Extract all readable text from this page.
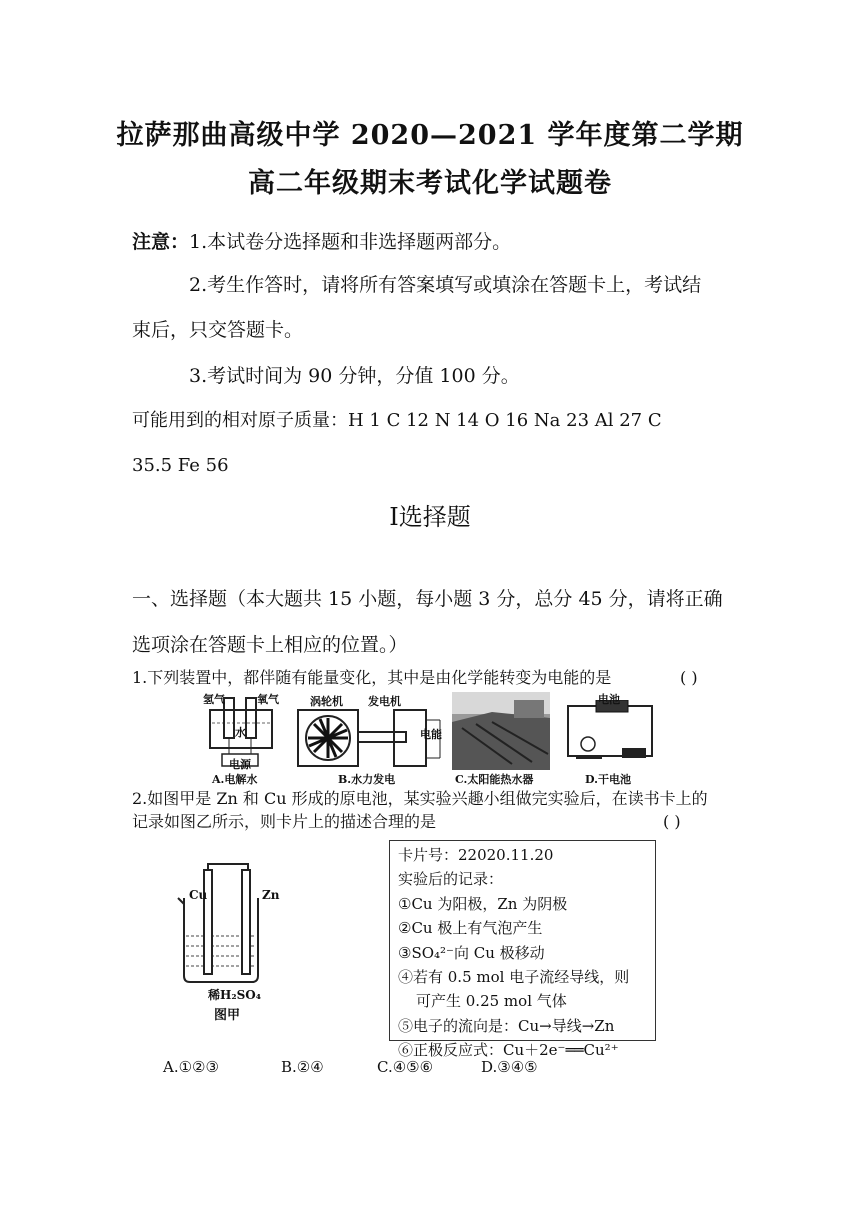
拉萨那曲高级中学 2020—2021 学年度第二学期
高二年级期末考试化学试题卷
注意： 1.本试卷分选择题和非选择题两部分。
2.考生作答时，请将所有答案填写或填涂在答题卡上，考试结
束后，只交答题卡。
3.考试时间为 90 分钟，分值 100 分。
可能用到的相对原子质量：H 1 C 12 N 14 O 16 Na 23 Al 27 C
35.5 Fe 56
Ⅰ选择题
一、选择题（本大题共 15 小题，每小题 3 分，总分 45 分，请将正确
选项涂在答题卡上相应的位置。）
1.下列装置中，都伴随有能量变化，其中是由化学能转变为电能的是	( )
氢气	氧气
水
电源
A.电解水
涡轮机 发电机
电能
B.水力发电	C.太阳能热水器
电池
D.干电池
2.如图甲是 Zn 和 Cu 形成的原电池，某实验兴趣小组做完实验后，在读书卡上的
记录如图乙所示，则卡片上的描述合理的是	( )
Cu	Zn
稀H₂SO₄
图甲
卡片号：22020.11.20
实验后的记录：
①Cu 为阳极，Zn 为阴极
②Cu 极上有气泡产生
③SO₄²⁻向 Cu 极移动
④若有 0.5 mol 电子流经导线，则
可产生 0.25 mol 气体
⑤电子的流向是：Cu→导线→Zn
⑥正极反应式：Cu＋2e⁻══Cu²⁺
A.①②③	B.②④	C.④⑤⑥	D.③④⑤
